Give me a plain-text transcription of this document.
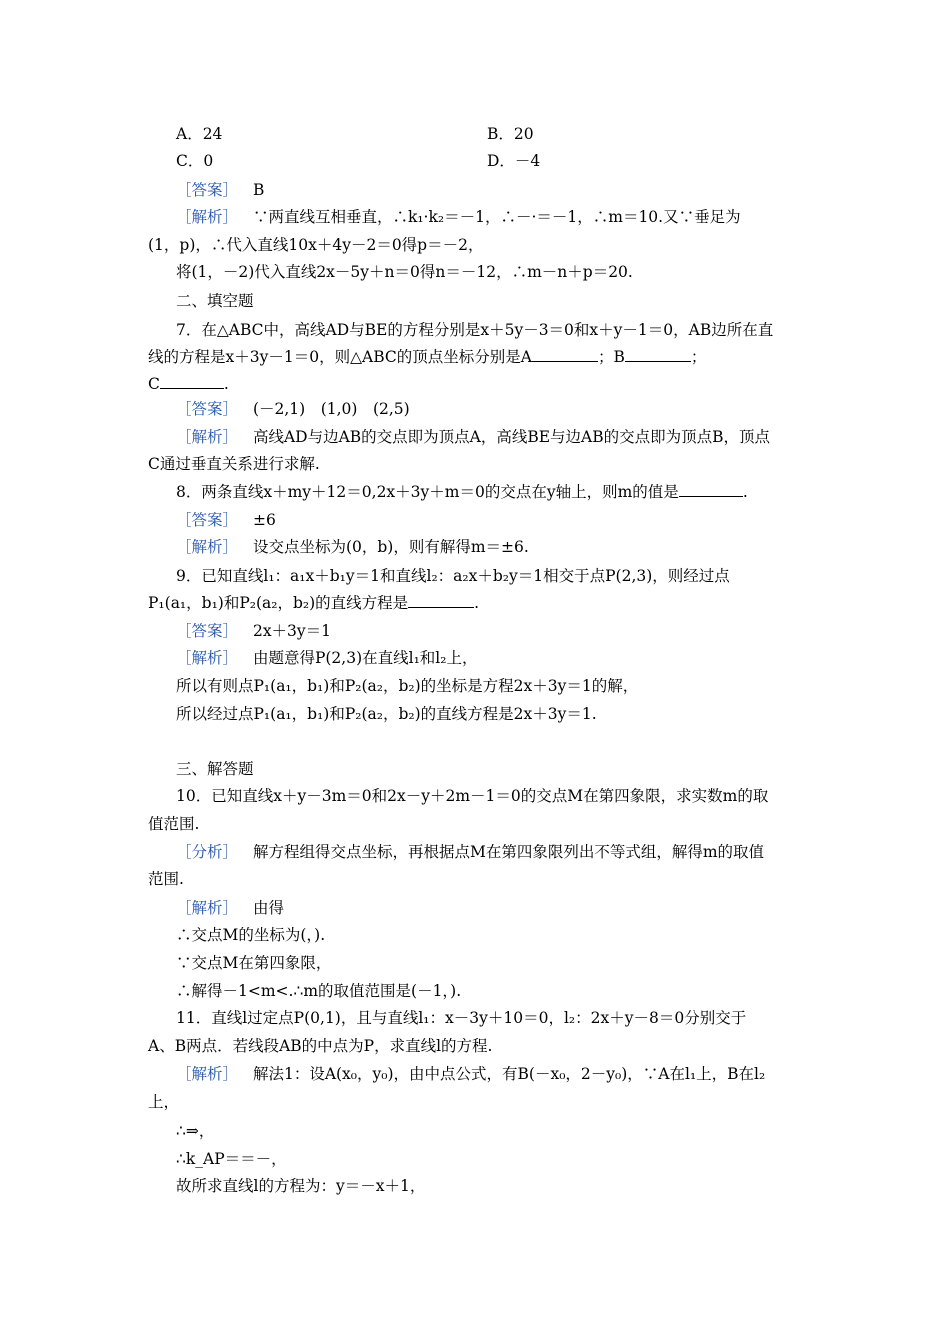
A．24	B．20
C．0	D．－4
［答案］ B
［解析］ ∵两直线互相垂直，∴k₁·k₂＝－1，∴－·＝－1，∴m＝10.又∵垂足为
(1，p)，∴代入直线10x＋4y－2＝0得p＝－2，
将(1，－2)代入直线2x－5y＋n＝0得n＝－12，∴m－n＋p＝20.
二、填空题
7．在△ABC中，高线AD与BE的方程分别是x＋5y－3＝0和x＋y－1＝0，AB边所在直
线的方程是x＋3y－1＝0，则△ABC的顶点坐标分别是A	；B	；
C	.
［答案］ (－2,1)　(1,0)　(2,5)
［解析］ 高线AD与边AB的交点即为顶点A，高线BE与边AB的交点即为顶点B，顶点
C通过垂直关系进行求解.
8．两条直线x＋my＋12＝0,2x＋3y＋m＝0的交点在y轴上，则m的值是	.
［答案］ ±6
［解析］ 设交点坐标为(0，b)，则有解得m＝±6.
9．已知直线l₁：a₁x＋b₁y＝1和直线l₂：a₂x＋b₂y＝1相交于点P(2,3)，则经过点
P₁(a₁，b₁)和P₂(a₂，b₂)的直线方程是	.
［答案］ 2x＋3y＝1
［解析］ 由题意得P(2,3)在直线l₁和l₂上，
所以有则点P₁(a₁，b₁)和P₂(a₂，b₂)的坐标是方程2x＋3y＝1的解，
所以经过点P₁(a₁，b₁)和P₂(a₂，b₂)的直线方程是2x＋3y＝1.
三、解答题
10．已知直线x＋y－3m＝0和2x－y＋2m－1＝0的交点M在第四象限，求实数m的取
值范围.
［分析］ 解方程组得交点坐标，再根据点M在第四象限列出不等式组，解得m的取值
范围.
［解析］ 由得
∴交点M的坐标为(，).
∵交点M在第四象限，
∴解得－1<m<.∴m的取值范围是(－1，).
11．直线l过定点P(0,1)，且与直线l₁：x－3y＋10＝0，l₂：2x＋y－8＝0分别交于
A、B两点．若线段AB的中点为P，求直线l的方程.
［解析］ 解法1：设A(x₀，y₀)，由中点公式，有B(－x₀，2－y₀)，∵A在l₁上，B在l₂
上，
∴⇒，
∴k_AP＝＝－，
故所求直线l的方程为：y＝－x＋1，
